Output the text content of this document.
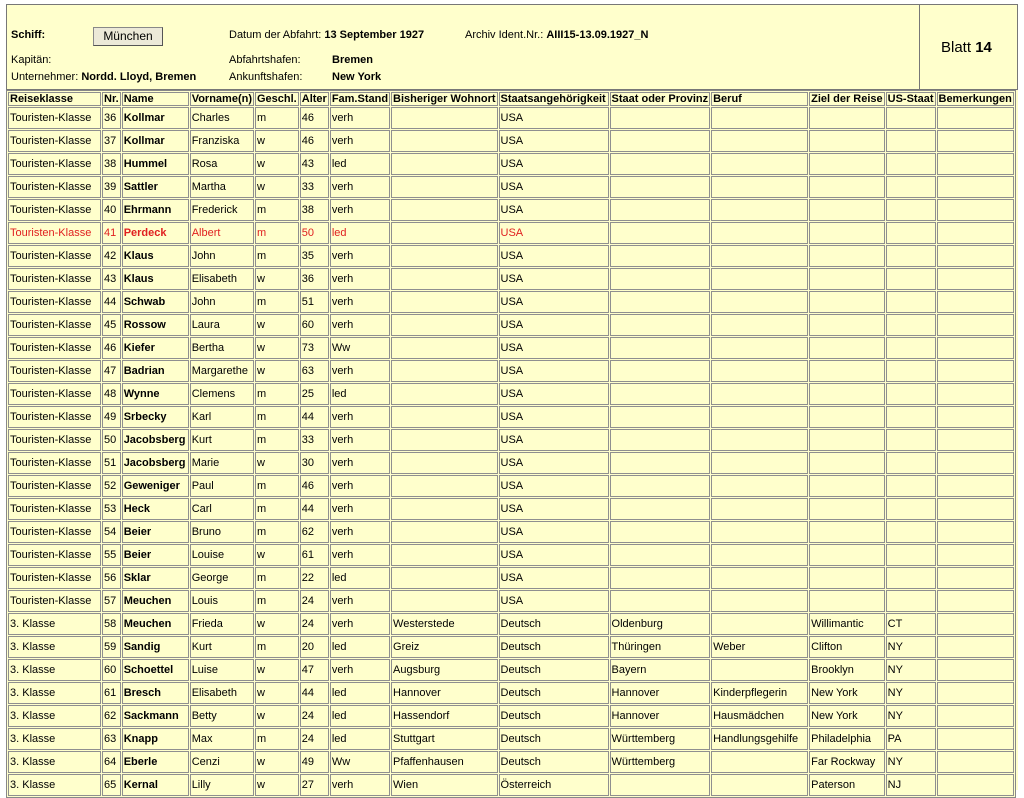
Schiff:	München
Kapitän:
Unternehmer: Nordd. Lloyd, Bremen
Datum der Abfahrt: 13 September 1927
Abfahrtshafen:	Bremen
Ankunftshafen:	New York
Archiv Ident.Nr.: AIII15-13.09.1927_N
Blatt 14
Reiseklasse	Nr.	Name	Vorname(n)	Geschl.	Alter	Fam.Stand	Bisheriger Wohnort	Staatsangehörigkeit	Staat oder Provinz	Beruf	Ziel der Reise	US-Staat	Bemerkungen
Touristen-Klasse	36	Kollmar	Charles	m	46	verh		USA					
Touristen-Klasse	37	Kollmar	Franziska	w	46	verh		USA					
Touristen-Klasse	38	Hummel	Rosa	w	43	led		USA					
Touristen-Klasse	39	Sattler	Martha	w	33	verh		USA					
Touristen-Klasse	40	Ehrmann	Frederick	m	38	verh		USA					
Touristen-Klasse	41	Perdeck	Albert	m	50	led		USA					
Touristen-Klasse	42	Klaus	John	m	35	verh		USA					
Touristen-Klasse	43	Klaus	Elisabeth	w	36	verh		USA					
Touristen-Klasse	44	Schwab	John	m	51	verh		USA					
Touristen-Klasse	45	Rossow	Laura	w	60	verh		USA					
Touristen-Klasse	46	Kiefer	Bertha	w	73	Ww		USA					
Touristen-Klasse	47	Badrian	Margarethe	w	63	verh		USA					
Touristen-Klasse	48	Wynne	Clemens	m	25	led		USA					
Touristen-Klasse	49	Srbecky	Karl	m	44	verh		USA					
Touristen-Klasse	50	Jacobsberg	Kurt	m	33	verh		USA					
Touristen-Klasse	51	Jacobsberg	Marie	w	30	verh		USA					
Touristen-Klasse	52	Geweniger	Paul	m	46	verh		USA					
Touristen-Klasse	53	Heck	Carl	m	44	verh		USA					
Touristen-Klasse	54	Beier	Bruno	m	62	verh		USA					
Touristen-Klasse	55	Beier	Louise	w	61	verh		USA					
Touristen-Klasse	56	Sklar	George	m	22	led		USA					
Touristen-Klasse	57	Meuchen	Louis	m	24	verh		USA					
3. Klasse	58	Meuchen	Frieda	w	24	verh	Westerstede	Deutsch	Oldenburg		Willimantic	CT	
3. Klasse	59	Sandig	Kurt	m	20	led	Greiz	Deutsch	Thüringen	Weber	Clifton	NY	
3. Klasse	60	Schoettel	Luise	w	47	verh	Augsburg	Deutsch	Bayern		Brooklyn	NY	
3. Klasse	61	Bresch	Elisabeth	w	44	led	Hannover	Deutsch	Hannover	Kinderpflegerin	New York	NY	
3. Klasse	62	Sackmann	Betty	w	24	led	Hassendorf	Deutsch	Hannover	Hausmädchen	New York	NY	
3. Klasse	63	Knapp	Max	m	24	led	Stuttgart	Deutsch	Württemberg	Handlungsgehilfe	Philadelphia	PA	
3. Klasse	64	Eberle	Cenzi	w	49	Ww	Pfaffenhausen	Deutsch	Württemberg		Far Rockway	NY	
3. Klasse	65	Kernal	Lilly	w	27	verh	Wien	Österreich			Paterson	NJ	
